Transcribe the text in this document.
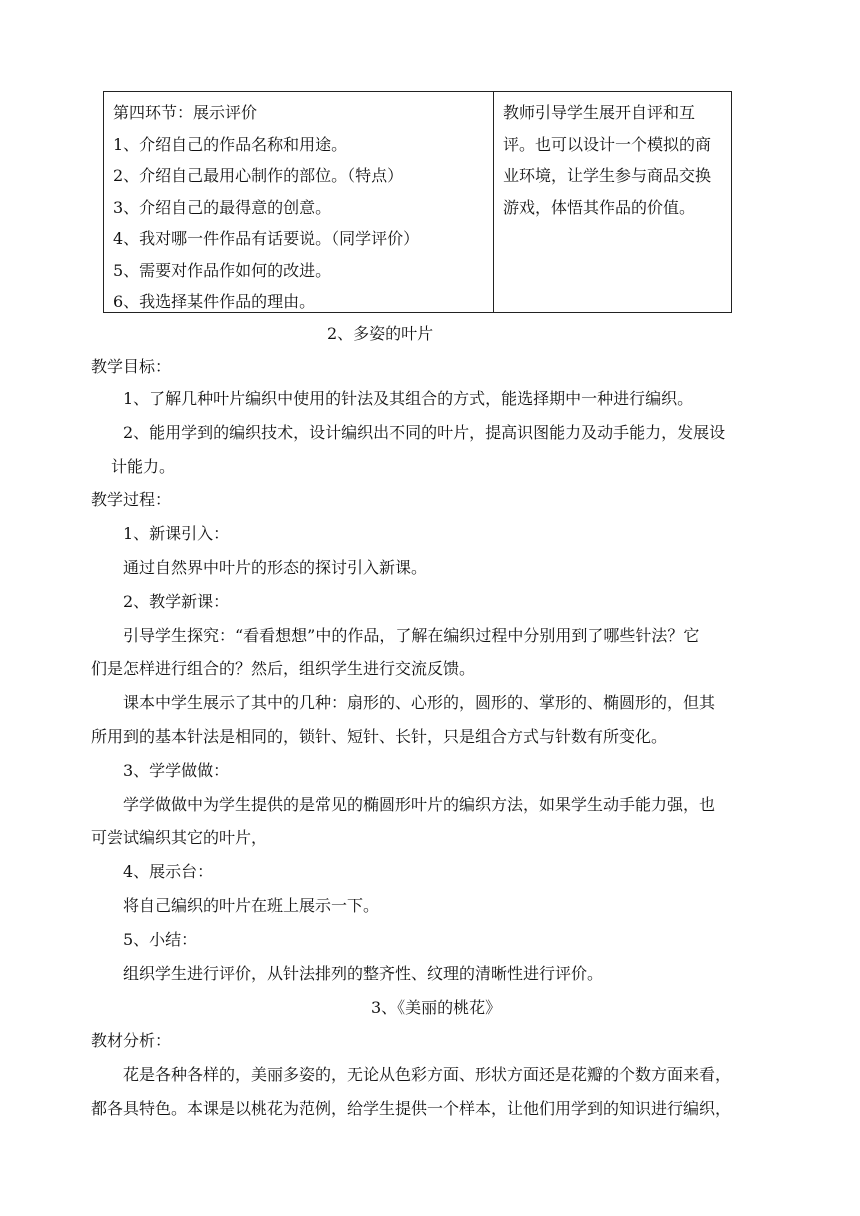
第四环节：展示评价
1、介绍自己的作品名称和用途。
2、介绍自己最用心制作的部位。（特点）
3、介绍自己的最得意的创意。
4、我对哪一件作品有话要说。（同学评价）
5、需要对作品作如何的改进。
6、我选择某件作品的理由。
教师引导学生展开自评和互
评。也可以设计一个模拟的商
业环境，让学生参与商品交换
游戏，体悟其作品的价值。
2、多姿的叶片
教学目标：
1、了解几种叶片编织中使用的针法及其组合的方式，能选择期中一种进行编织。
2、能用学到的编织技术，设计编织出不同的叶片，提高识图能力及动手能力，发展设
计能力。
教学过程：
1、新课引入：
通过自然界中叶片的形态的探讨引入新课。
2、教学新课：
引导学生探究：“看看想想”中的作品，了解在编织过程中分别用到了哪些针法？它
们是怎样进行组合的？然后，组织学生进行交流反馈。
课本中学生展示了其中的几种：扇形的、心形的，圆形的、掌形的、椭圆形的，但其
所用到的基本针法是相同的，锁针、短针、长针，只是组合方式与针数有所变化。
3、学学做做：
学学做做中为学生提供的是常见的椭圆形叶片的编织方法，如果学生动手能力强，也
可尝试编织其它的叶片，
4、展示台：
将自己编织的叶片在班上展示一下。
5、小结：
组织学生进行评价，从针法排列的整齐性、纹理的清晰性进行评价。
3、《美丽的桃花》
教材分析：
花是各种各样的，美丽多姿的，无论从色彩方面、形状方面还是花瓣的个数方面来看，
都各具特色。本课是以桃花为范例，给学生提供一个样本，让他们用学到的知识进行编织，
